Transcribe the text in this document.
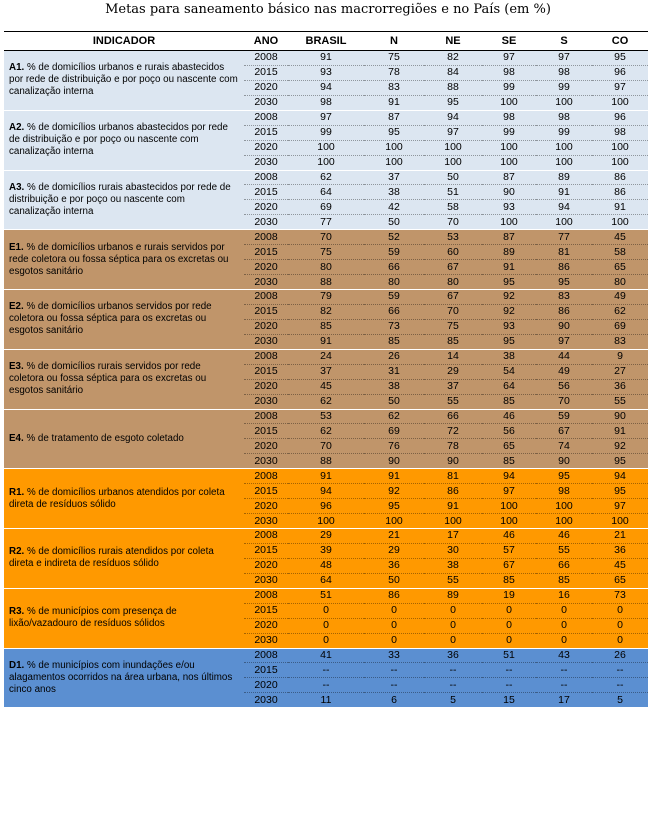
Metas para saneamento básico nas macrorregiões e no País (em %)
INDICADOR	ANO	BRASIL	N	NE	SE	S	CO
A1. % de domicílios urbanos e rurais abastecidos por rede de distribuição e por poço ou nascente com canalização interna	2008	91	75	82	97	97	95
	2015	93	78	84	98	98	96
	2020	94	83	88	99	99	97
	2030	98	91	95	100	100	100
A2. % de domicílios urbanos abastecidos por rede de distribuição e por poço ou nascente com canalização interna	2008	97	87	94	98	98	96
	2015	99	95	97	99	99	98
	2020	100	100	100	100	100	100
	2030	100	100	100	100	100	100
A3. % de domicílios rurais abastecidos por rede de distribuição e por poço ou nascente com canalização interna	2008	62	37	50	87	89	86
	2015	64	38	51	90	91	86
	2020	69	42	58	93	94	91
	2030	77	50	70	100	100	100
E1. % de domicílios urbanos e rurais servidos por rede coletora ou fossa séptica para os excretas ou esgotos sanitário	2008	70	52	53	87	77	45
	2015	75	59	60	89	81	58
	2020	80	66	67	91	86	65
	2030	88	80	80	95	95	80
E2. % de domicílios urbanos servidos por rede coletora ou fossa séptica para os excretas ou esgotos sanitário	2008	79	59	67	92	83	49
	2015	82	66	70	92	86	62
	2020	85	73	75	93	90	69
	2030	91	85	85	95	97	83
E3. % de domicílios rurais servidos por rede coletora ou fossa séptica para os excretas ou esgotos sanitário	2008	24	26	14	38	44	9
	2015	37	31	29	54	49	27
	2020	45	38	37	64	56	36
	2030	62	50	55	85	70	55
E4. % de tratamento de esgoto coletado	2008	53	62	66	46	59	90
	2015	62	69	72	56	67	91
	2020	70	76	78	65	74	92
	2030	88	90	90	85	90	95
R1. % de domicílios urbanos atendidos por coleta direta de resíduos sólido	2008	91	91	81	94	95	94
	2015	94	92	86	97	98	95
	2020	96	95	91	100	100	97
	2030	100	100	100	100	100	100
R2. % de domicílios rurais atendidos por coleta direta e indireta de resíduos sólido	2008	29	21	17	46	46	21
	2015	39	29	30	57	55	36
	2020	48	36	38	67	66	45
	2030	64	50	55	85	85	65
R3. % de municípios com presença de lixão/vazadouro de resíduos sólidos	2008	51	86	89	19	16	73
	2015	0	0	0	0	0	0
	2020	0	0	0	0	0	0
	2030	0	0	0	0	0	0
D1. % de municípios com inundações e/ou alagamentos ocorridos na área urbana, nos últimos cinco anos	2008	41	33	36	51	43	26
	2015	--	--	--	--	--	--
	2020	--	--	--	--	--	--
	2030	11	6	5	15	17	5
